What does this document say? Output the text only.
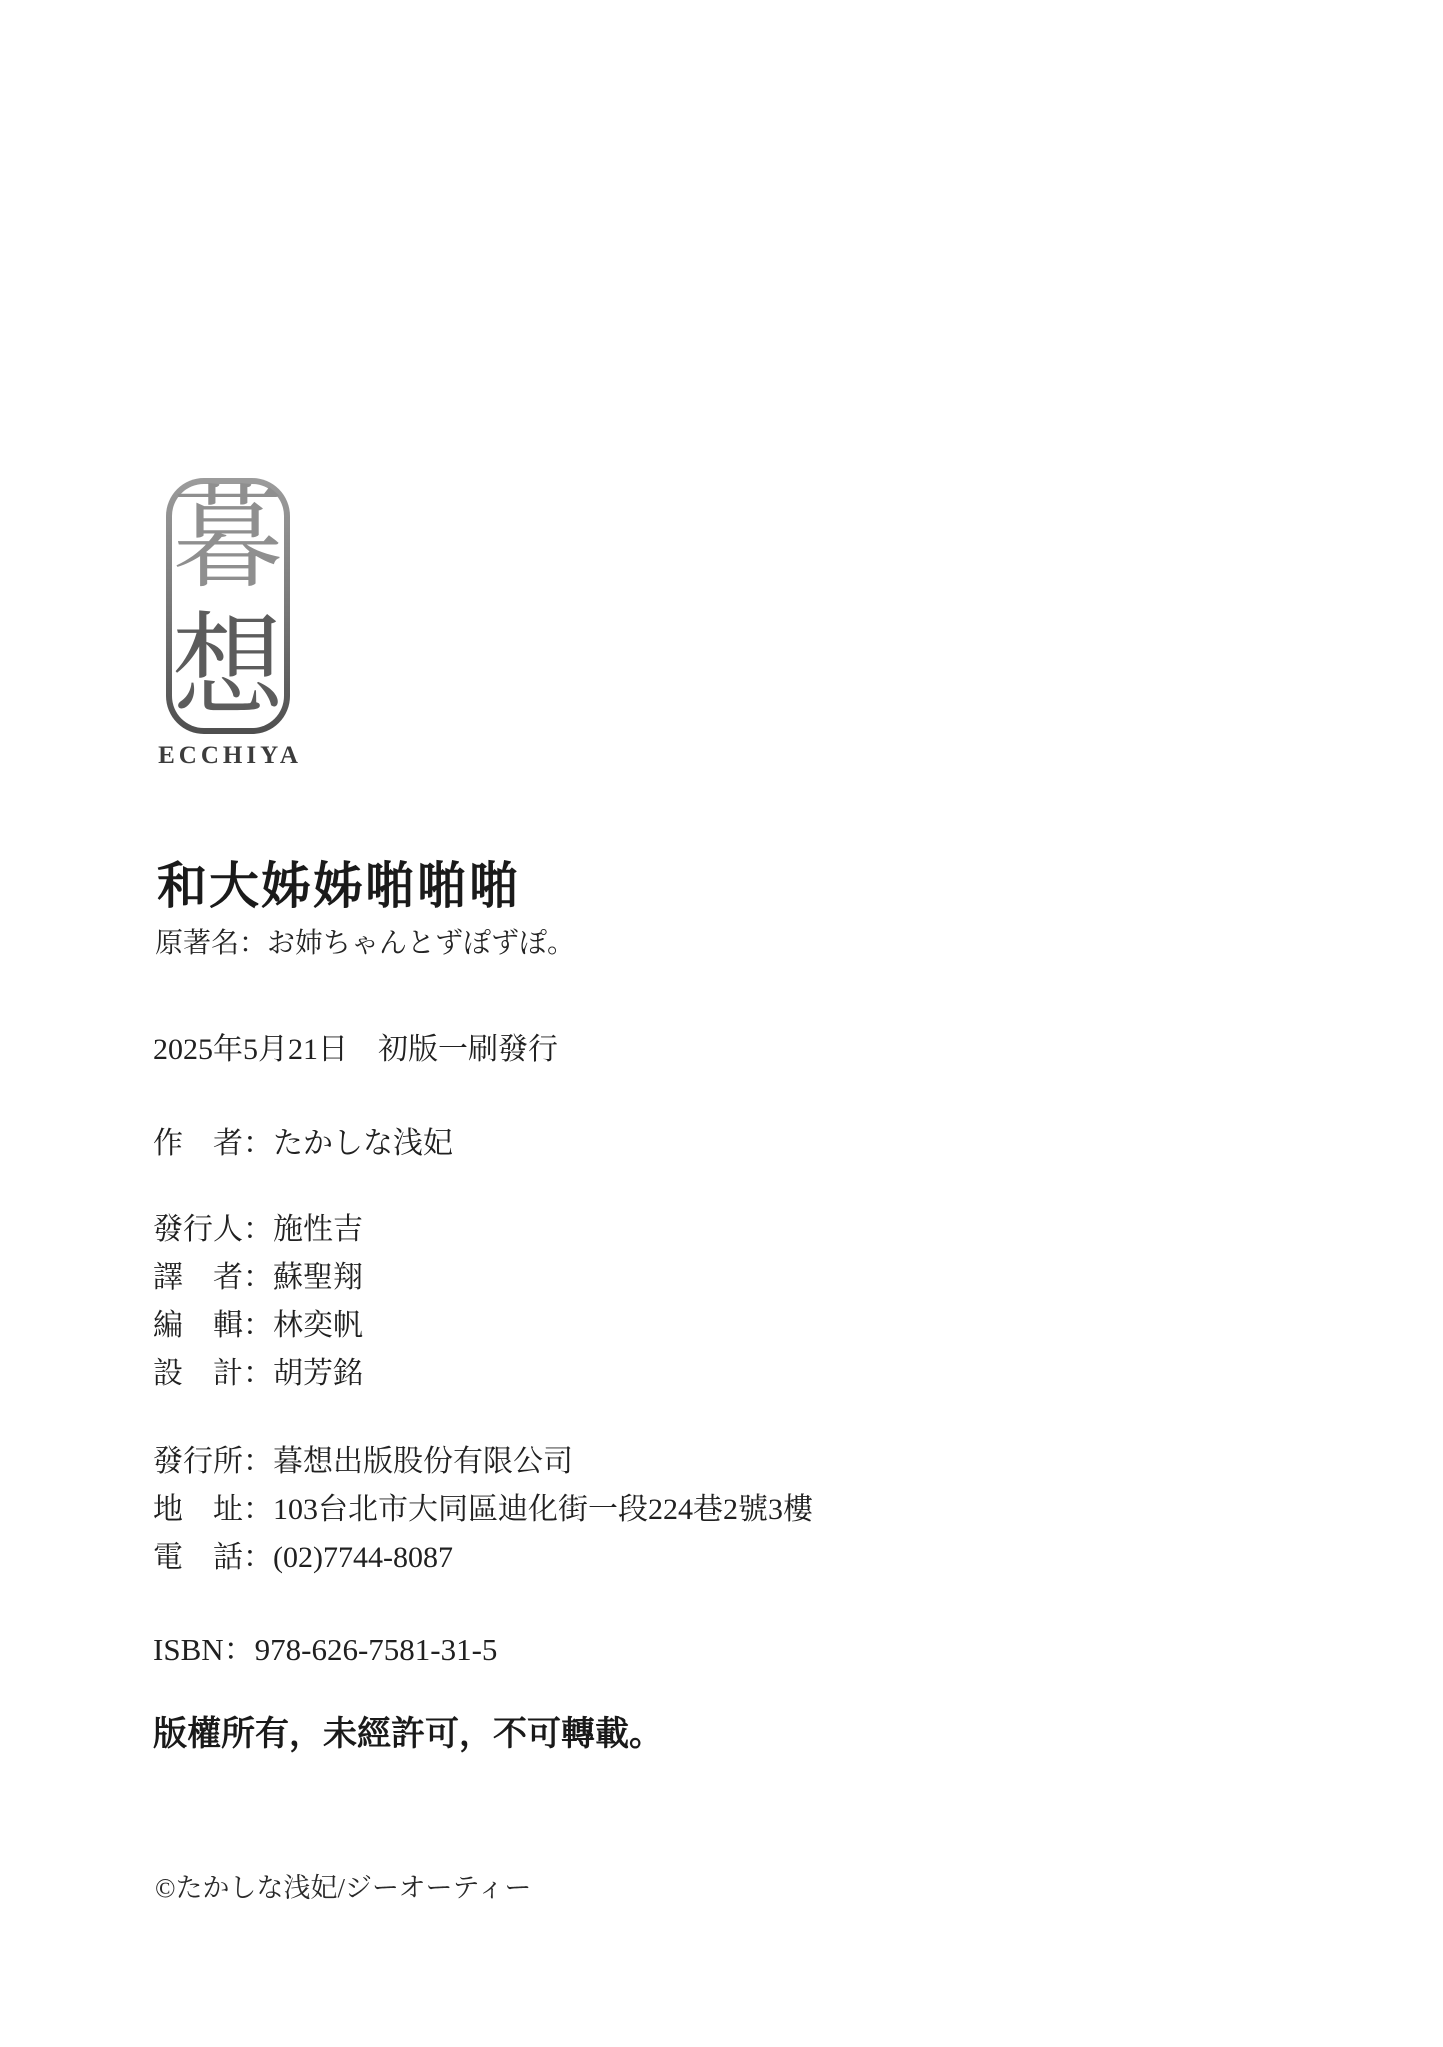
暮
想
ECCHIYA
和大姊姊啪啪啪
原著名：お姉ちゃんとずぽずぽ。
2025年5月21日　初版一刷發行
作　者：たかしな浅妃
發行人：施性吉
譯　者：蘇聖翔
編　輯：林奕帆
設　計：胡芳銘
發行所：暮想出版股份有限公司
地　址：103台北市大同區迪化街一段224巷2號3樓
電　話：(02)7744-8087
ISBN：978-626-7581-31-5
版權所有，未經許可，不可轉載。
©たかしな浅妃/ジーオーティー
